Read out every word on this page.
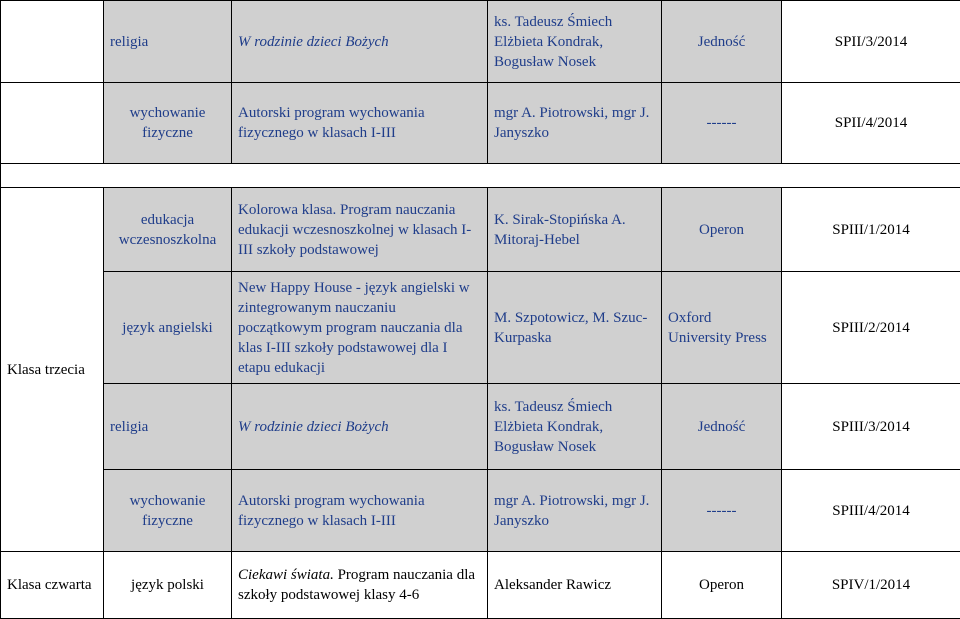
	religia	W rodzinie dzieci Bożych	ks. Tadeusz Śmiech Elżbieta Kondrak, Bogusław Nosek	Jedność	SPII/3/2014
	wychowanie fizyczne	Autorski program wychowania fizycznego w klasach I-III	mgr A. Piotrowski, mgr J. Janyszko	------	SPII/4/2014

Klasa trzecia	edukacja wczesnoszkolna	Kolorowa klasa. Program nauczania edukacji wczesnoszkolnej w klasach I-III szkoły podstawowej	K. Sirak-Stopińska A. Mitoraj-Hebel	Operon	SPIII/1/2014
	język angielski	New Happy House - język angielski w zintegrowanym nauczaniu początkowym program nauczania dla klas I-III szkoły podstawowej dla I etapu edukacji	M. Szpotowicz, M. Szuc-Kurpaska	Oxford University Press	SPIII/2/2014
	religia	W rodzinie dzieci Bożych	ks. Tadeusz Śmiech Elżbieta Kondrak, Bogusław Nosek	Jedność	SPIII/3/2014
	wychowanie fizyczne	Autorski program wychowania fizycznego w klasach I-III	mgr A. Piotrowski, mgr J. Janyszko	------	SPIII/4/2014
Klasa czwarta	język polski	Ciekawi świata. Program nauczania dla szkoły podstawowej klasy 4-6	Aleksander Rawicz	Operon	SPIV/1/2014
